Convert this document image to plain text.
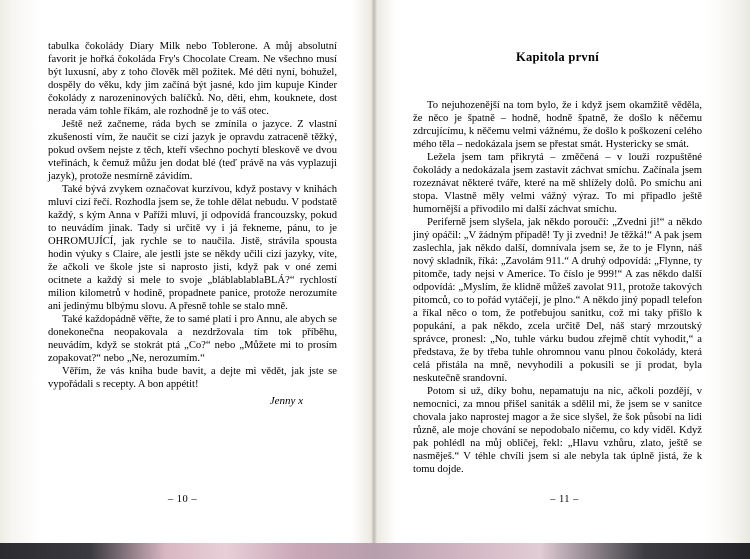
tabulka čokolády Diary Milk nebo Toblerone. A můj absolutní favorit je hořká čokoláda Fry's Chocolate Cream. Ne všechno musí být luxusní, aby z toho člověk měl požitek. Mé dětí nyní, bohužel, dospěly do věku, kdy jim začíná být jasné, kdo jim kupuje Kinder čokolády z narozeninových balíčků. No, děti, ehm, kouknete, dost nerada vám tohle říkám, ale rozhodně je to váš otec.

Ještě než začneme, ráda bych se zmínila o jazyce. Z vlastní zkušenosti vím, že naučit se cizí jazyk je opravdu zatraceně těžký, pokud ovšem nejste z těch, kteří všechno pochytí bleskově ve dvou vteřinách, k čemuž můžu jen dodat blé (teď právě na vás vyplazuji jazyk), protože nesmírně závidím.

Také bývá zvykem označovat kurzívou, když postavy v knihách mluví cizí řečí. Rozhodla jsem se, že tohle dělat nebudu. V podstatě každý, s kým Anna v Paříži mluví, jí odpovídá francouzsky, pokud to neuvádím jinak. Tady si určitě vy i já řekneme, pánu, to je OHROMUJÍCÍ, jak rychle se to naučila. Jistě, strávila spousta hodin výuky s Claire, ale jestli jste se někdy učili cizí jazyky, víte, že ačkoli ve škole jste si naprosto jisti, když pak v oné zemi ocitnete a každý si mele to svoje „bláblablablaBLÁ?“ rychlostí milion kilometrů v hodině, propadnete panice, protože nerozumíte ani jedinýmu blbýmu slovu. A přesně tohle se stalo mně.

Také každopádně věřte, že to samé platí i pro Annu, ale abych se donekonečna neopakovala a nezdržovala tím tok příběhu, neuvádím, když se stokrát ptá „Co?“ nebo „Můžete mi to prosím zopakovat?“ nebo „Ne, nerozumím.“

Věřím, že vás kniha bude bavit, a dejte mi vědět, jak jste se vypořádali s recepty. A bon appétit!

Jenny x
– 10 –
Kapitola první

To nejuhozenější na tom bylo, že i když jsem okamžitě věděla, že něco je špatně – hodně, hodně špatně, že došlo k něčemu zdrcujícímu, k něčemu velmi vážnému, že došlo k poškození celého mého těla – nedokázala jsem se přestat smát. Hystericky se smát.

Ležela jsem tam přikrytá – změčená – v louži rozpuštěné čokolády a nedokázala jsem zastavit záchvat smíchu. Začínala jsem rozeznávat některé tváře, které na mě shlížely dolů. Po smíchu ani stopa. Vlastně měly velmi vážný výraz. To mi připadlo ještě humornější a přivodilo mi další záchvat smíchu.

Periferně jsem slyšela, jak někdo poroučí: „Zvedni ji!“ a někdo jiný opáčil: „V žádným případě! Ty ji zvedni! Je těžká!“ A pak jsem zaslechla, jak někdo další, domnívala jsem se, že to je Flynn, náš nový skladník, říká: „Zavolám 911.“ A druhý odpovídá: „Flynne, ty pitomče, tady nejsi v Americe. To číslo je 999!“ A zas někdo další odpovídá: „Myslím, že klidně můžeš zavolat 911, protože takových pitomců, co to pořád vytáčejí, je plno.“ A někdo jiný popadl telefon a říkal něco o tom, že potřebujou sanitku, což mi taky přišlo k popukání, a pak někdo, zcela určitě Del, náš starý mrzoutský správce, pronesl: „No, tuhle várku budou zřejmě chtít vyhodit,“ a představa, že by třeba tuhle ohromnou vanu plnou čokolády, která celá přistála na mně, nevyhodili a pokusili se ji prodat, byla neskutečně srandovní.

Potom si už, díky bohu, nepamatuju na nic, ačkoli pozdějí, v nemocnici, za mnou přišel saniták a sdělil mi, že jsem se v sanitce chovala jako naprostej magor a že sice slyšel, že šok působí na lidi různě, ale moje chování se nepodobalo ničemu, co kdy viděl. Když pak pohlédl na můj obličej, řekl: „Hlavu vzhůru, zlato, ještě se nasměješ.“ V téhle chvíli jsem si ale nebyla tak úplně jistá, že k tomu dojde.

– 11 –
